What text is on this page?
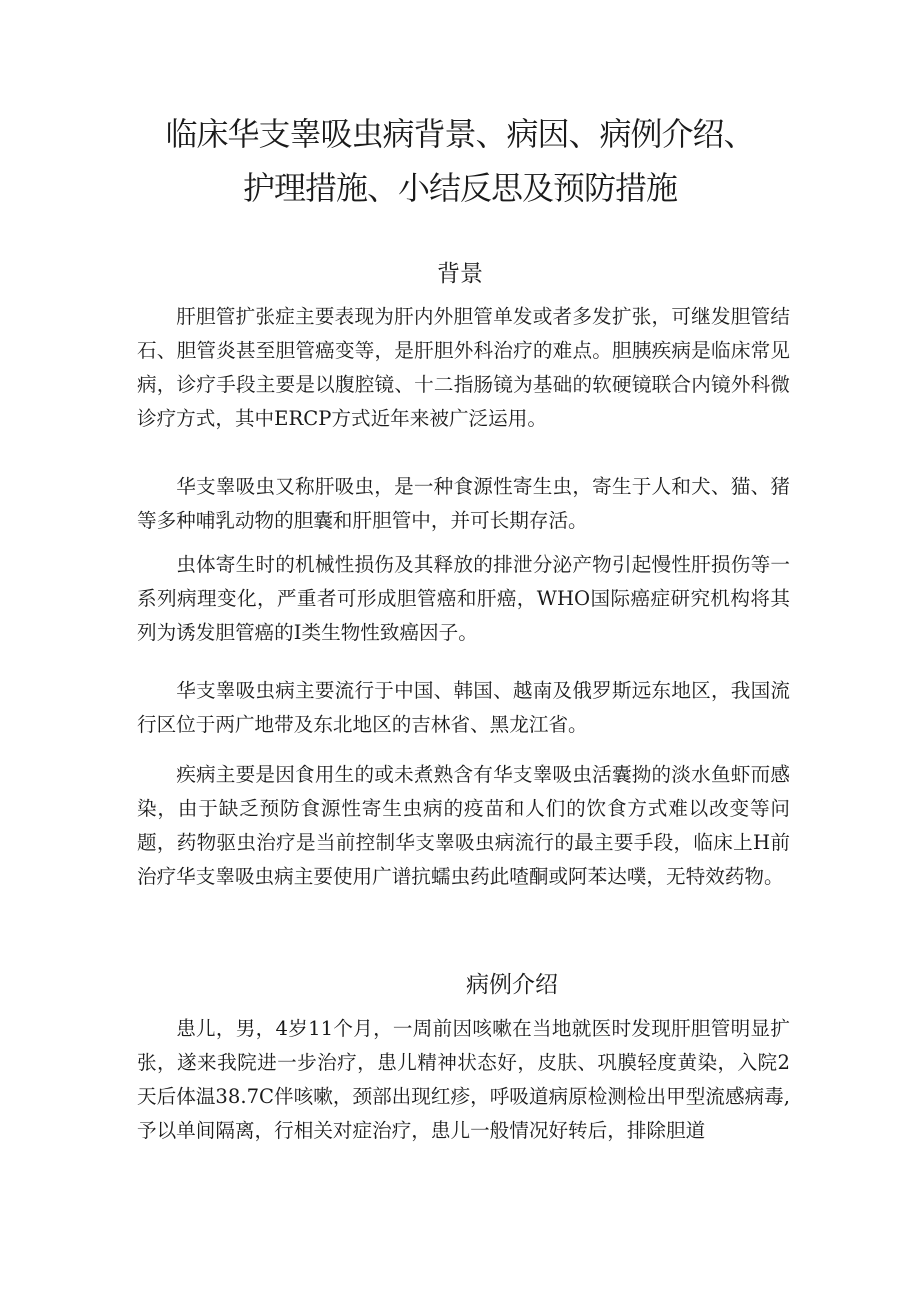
临床华支睾吸虫病背景、病因、病例介绍、
护理措施、小结反思及预防措施
背景

肝胆管扩张症主要表现为肝内外胆管单发或者多发扩张，可继发胆管结石、胆管炎甚至胆管癌变等，是肝胆外科治疗的难点。胆胰疾病是临床常见病，诊疗手段主要是以腹腔镜、十二指肠镜为基础的软硬镜联合内镜外科微诊疗方式，其中ERCP方式近年来被广泛运用。

华支睾吸虫又称肝吸虫，是一种食源性寄生虫，寄生于人和犬、猫、猪等多种哺乳动物的胆囊和肝胆管中，并可长期存活。

虫体寄生时的机械性损伤及其释放的排泄分泌产物引起慢性肝损伤等一系列病理变化，严重者可形成胆管癌和肝癌，WHO国际癌症研究机构将其列为诱发胆管癌的Ⅰ类生物性致癌因子。

华支睾吸虫病主要流行于中国、韩国、越南及俄罗斯远东地区，我国流行区位于两广地带及东北地区的吉林省、黑龙江省。

疾病主要是因食用生的或未煮熟含有华支睾吸虫活囊拗的淡水鱼虾而感染，由于缺乏预防食源性寄生虫病的疫苗和人们的饮食方式难以改变等问题，药物驱虫治疗是当前控制华支睾吸虫病流行的最主要手段，临床上H前治疗华支睾吸虫病主要使用广谱抗蠕虫药此喳酮或阿苯达噗，无特效药物。

病例介绍

患儿，男，4岁11个月，一周前因咳嗽在当地就医时发现肝胆管明显扩张，遂来我院进一步治疗，患儿精神状态好，皮肤、巩膜轻度黄染，入院2天后体温38.7C伴咳嗽，颈部出现红疹，呼吸道病原检测检出甲型流感病毒,予以单间隔离，行相关对症治疗，患儿一般情况好转后，排除胆道
